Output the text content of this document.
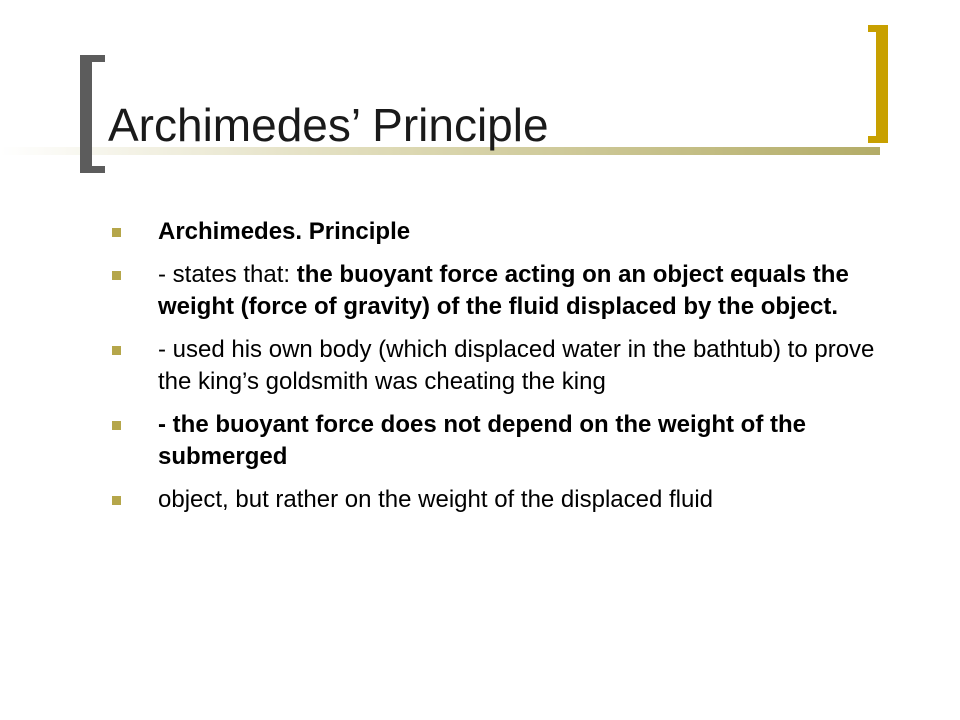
Archimedes’ Principle
Archimedes. Principle
- states that: the buoyant force acting on an object equals the weight (force of gravity) of the fluid displaced by the object.
- used his own body (which displaced water in the bathtub) to prove the king’s goldsmith was cheating the king
- the buoyant force does not depend on the weight of the submerged
object, but rather on the weight of the displaced fluid
